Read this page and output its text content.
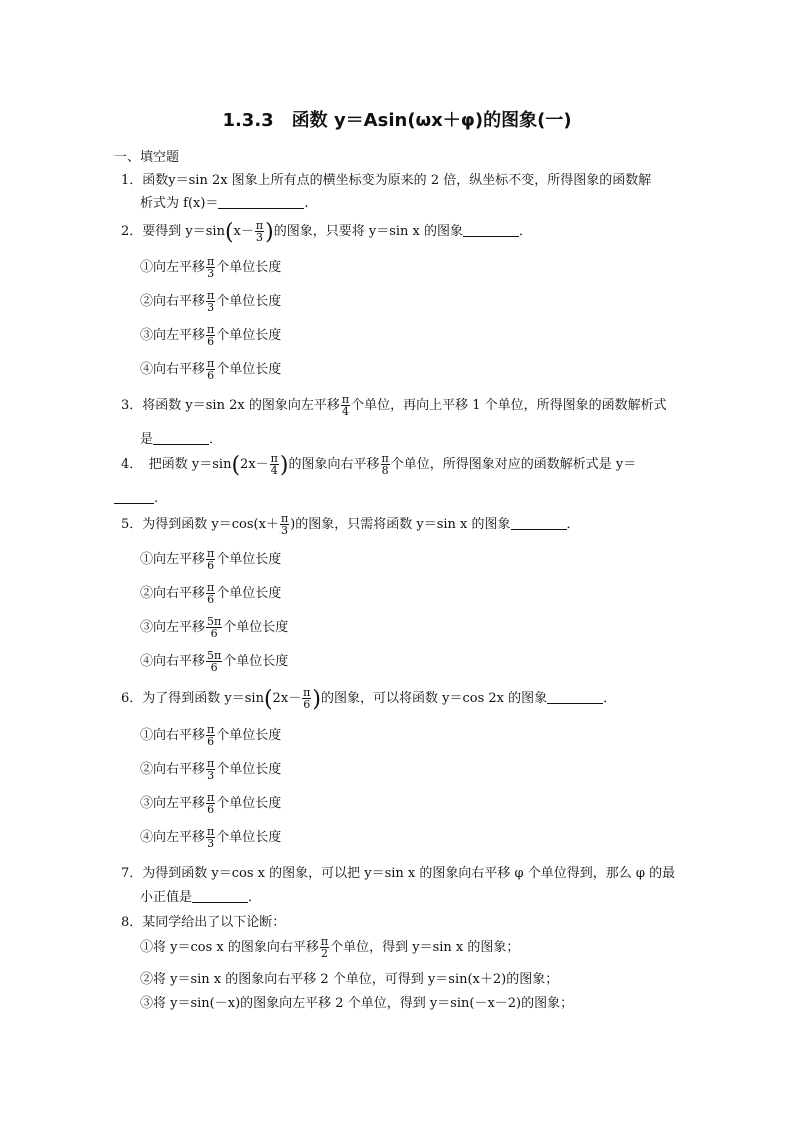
1.3.3　函数 y＝Asin(ωx＋φ)的图象(一)
一、填空题
1．函数y＝sin 2x 图象上所有点的横坐标变为原来的 2 倍，纵坐标不变，所得图象的函数解
析式为 f(x)＝	.
2．要得到 $y=\sin(x- \frac{\pi}{3}$ )的图象，只要将 y＝sin x 的图象	．
①向左平移 $\frac{\pi}{3}$ 个单位长度
②向右平移 $\frac{\pi}{3}$ 个单位长度
③向左平移 $\frac{\pi}{6}$ 个单位长度
④向右平移 $\frac{\pi}{6}$ 个单位长度
3．将函数 y＝sin 2x 的图象向左平移 $\frac{\pi}{4}$ 个单位，再向上平移 1 个单位，所得图象的函数解析式
是	．
4．　把函数 $y=\sin(2x- \frac{\pi}{4}$ )的图象向右平移 $\frac{\pi}{8}$ 个单位，所得图象对应的函数解析式是 y＝
.
5．为得到函数 $y=\cos(x+ \frac{\pi}{3}$ )的图象，只需将函数 y＝sin x 的图象	．
①向左平移 $\frac{\pi}{6}$ 个单位长度
②向右平移 $\frac{\pi}{6}$ 个单位长度
③向左平移 $\frac{5\pi}{6}$ 个单位长度
④向右平移 $\frac{5\pi}{6}$ 个单位长度
6．为了得到函数 $y=\sin(2x- \frac{\pi}{6}$ )的图象，可以将函数 y＝cos 2x 的图象	．
①向右平移 $\frac{\pi}{6}$ 个单位长度
②向右平移 $\frac{\pi}{3}$ 个单位长度
③向左平移 $\frac{\pi}{6}$ 个单位长度
④向左平移 $\frac{\pi}{3}$ 个单位长度
7．为得到函数 y＝cos x 的图象，可以把 y＝sin x 的图象向右平移 φ 个单位得到，那么 φ 的最
小正值是	．
8．某同学给出了以下论断：
①将 y＝cos x 的图象向右平移 $\frac{\pi}{2}$ 个单位，得到 y＝sin x 的图象；
②将 y＝sin x 的图象向右平移 2 个单位，可得到 y＝sin(x＋2)的图象；
③将 y＝sin(－x)的图象向左平移 2 个单位，得到 y＝sin(－x－2)的图象；
